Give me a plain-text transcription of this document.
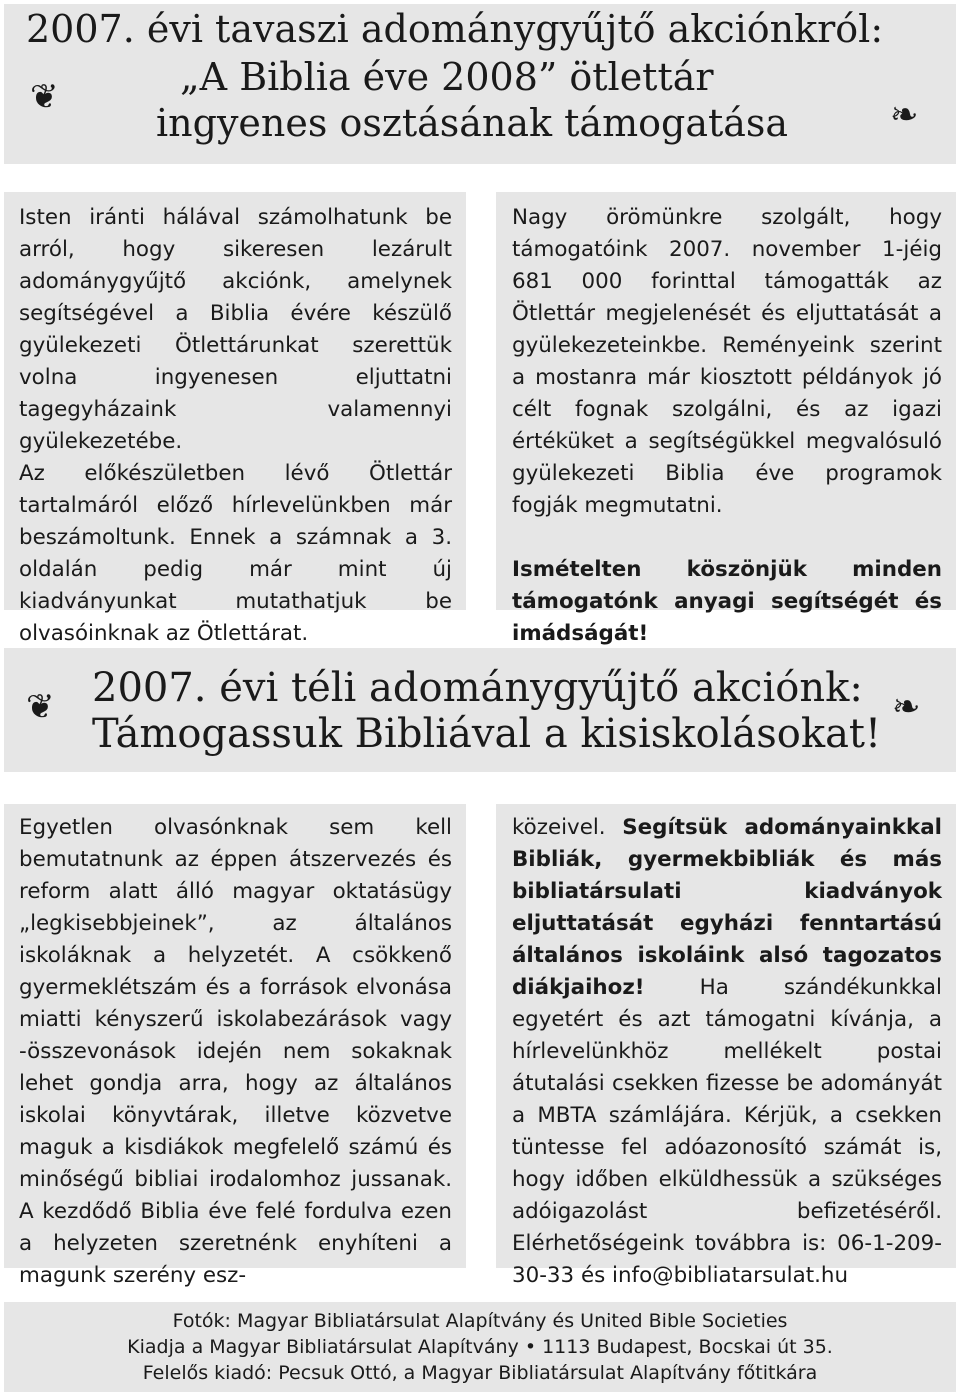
2007. évi tavaszi adománygyűjtő akciónkról:
„A Biblia éve 2008” ötlettár
ingyenes osztásának támogatása
❦	❧

Isten iránti hálával számolhatunk be arról, hogy sikeresen lezárult adománygyűjtő akciónk, amelynek segítségével a Biblia évére készülő gyülekezeti Ötlettárunkat szerettük volna ingyenesen eljuttatni tagegyházaink valamennyi gyülekezetébe.

Az előkészületben lévő Ötlettár tartalmáról előző hírlevelünkben már beszámoltunk. Ennek a számnak a 3. oldalán pedig már mint új kiadványunkat mutathatjuk be olvasóinknak az Ötlettárat.

Nagy örömünkre szolgált, hogy támogatóink 2007. november 1-jéig 681 000 forinttal támogatták az Ötlettár megjelenését és eljuttatását a gyülekezeteinkbe. Reményeink szerint a mostanra már kiosztott példányok jó célt fognak szolgálni, és az igazi értéküket a segítségükkel megvalósuló gyülekezeti Biblia éve programok fogják megmutatni.

Ismételten köszönjük minden támogatónk anyagi segítségét és imádságát!

2007. évi téli adománygyűjtő akciónk:
Támogassuk Bibliával a kisiskolásokat!
❦	❧

Egyetlen olvasónknak sem kell bemutatnunk az éppen átszervezés és reform alatt álló magyar oktatásügy „legkisebbjeinek”, az általános iskoláknak a helyzetét. A csökkenő gyermeklétszám és a források elvonása miatti kényszerű iskolabezárások vagy -összevonások idején nem sokaknak lehet gondja arra, hogy az általános iskolai könyvtárak, illetve közvetve maguk a kisdiákok megfelelő számú és minőségű bibliai irodalomhoz jussanak. A kezdődő Biblia éve felé fordulva ezen a helyzeten szeretnénk enyhíteni a magunk szerény esz-

közeivel. Segítsük adományainkkal Bibliák, gyermekbibliák és más bibliatársulati kiadványok eljuttatását egyházi fenntartású általános iskoláink alsó tagozatos diákjaihoz! Ha szándékunkkal egyetért és azt támogatni kívánja, a hírlevelünkhöz mellékelt postai átutalási csekken fizesse be adományát a MBTA számlájára. Kérjük, a csekken tüntesse fel adóazonosító számát is, hogy időben elküldhessük a szükséges adóigazolást befizetéséről. Elérhetőségeink továbbra is: 06-1-209-30-33 és info@bibliatarsulat.hu

Fotók: Magyar Bibliatársulat Alapítvány és United Bible Societies
Kiadja a Magyar Bibliatársulat Alapítvány • 1113 Budapest, Bocskai út 35.
Felelős kiadó: Pecsuk Ottó, a Magyar Bibliatársulat Alapítvány főtitkára
